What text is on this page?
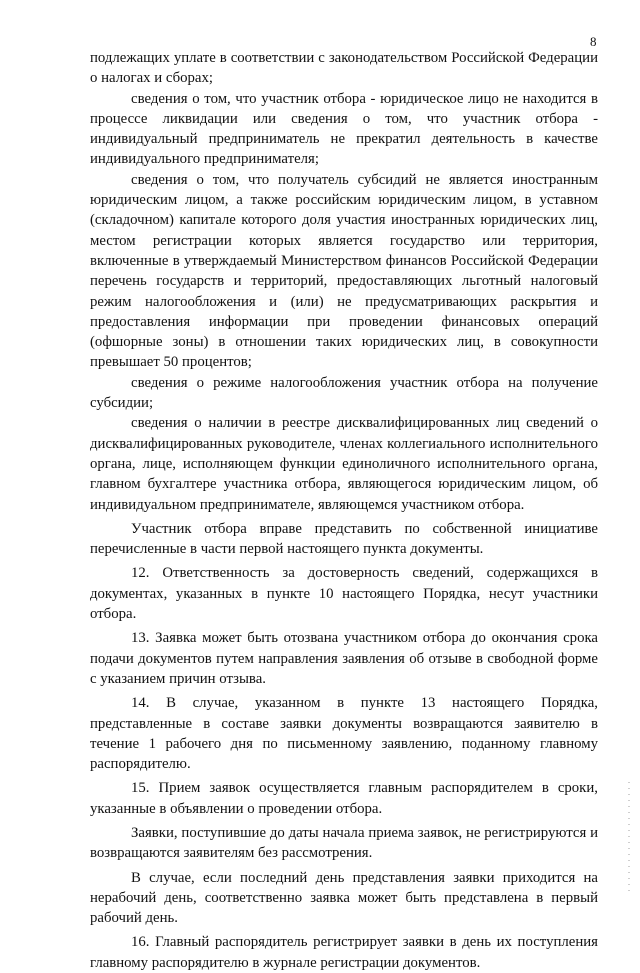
8

подлежащих уплате в соответствии с законодательством Российской Федерации о налогах и сборах;

сведения о том, что участник отбора - юридическое лицо не находится в процессе ликвидации или сведения о том, что участник отбора - индивидуальный предприниматель не прекратил деятельность в качестве индивидуального предпринимателя;

сведения о том, что получатель субсидий не является иностранным юридическим лицом, а также российским юридическим лицом, в уставном (складочном) капитале которого доля участия иностранных юридических лиц, местом регистрации которых является государство или территория, включенные в утверждаемый Министерством финансов Российской Федерации перечень государств и территорий, предоставляющих льготный налоговый режим налогообложения и (или) не предусматривающих раскрытия и предоставления информации при проведении финансовых операций (офшорные зоны) в отношении таких юридических лиц, в совокупности превышает 50 процентов;

сведения о режиме налогообложения участник отбора на получение субсидии;

сведения о наличии в реестре дисквалифицированных лиц сведений о дисквалифицированных руководителе, членах коллегиального исполнительного органа, лице, исполняющем функции единоличного исполнительного органа, главном бухгалтере участника отбора, являющегося юридическим лицом, об индивидуальном предпринимателе, являющемся участником отбора.

Участник отбора вправе представить по собственной инициативе перечисленные в части первой настоящего пункта документы.

12. Ответственность за достоверность сведений, содержащихся в документах, указанных в пункте 10 настоящего Порядка, несут участники отбора.

13. Заявка может быть отозвана участником отбора до окончания срока подачи документов путем направления заявления об отзыве в свободной форме с указанием причин отзыва.

14. В случае, указанном в пункте 13 настоящего Порядка, представленные в составе заявки документы возвращаются заявителю в течение 1 рабочего дня по письменному заявлению, поданному главному распорядителю.

15. Прием заявок осуществляется главным распорядителем в сроки, указанные в объявлении о проведении отбора.

Заявки, поступившие до даты начала приема заявок, не регистрируются и возвращаются заявителям без рассмотрения.

В случае, если последний день представления заявки приходится на нерабочий день, соответственно заявка может быть представлена в первый рабочий день.

16. Главный распорядитель регистрирует заявки в день их поступления главному распорядителю в журнале регистрации документов.
